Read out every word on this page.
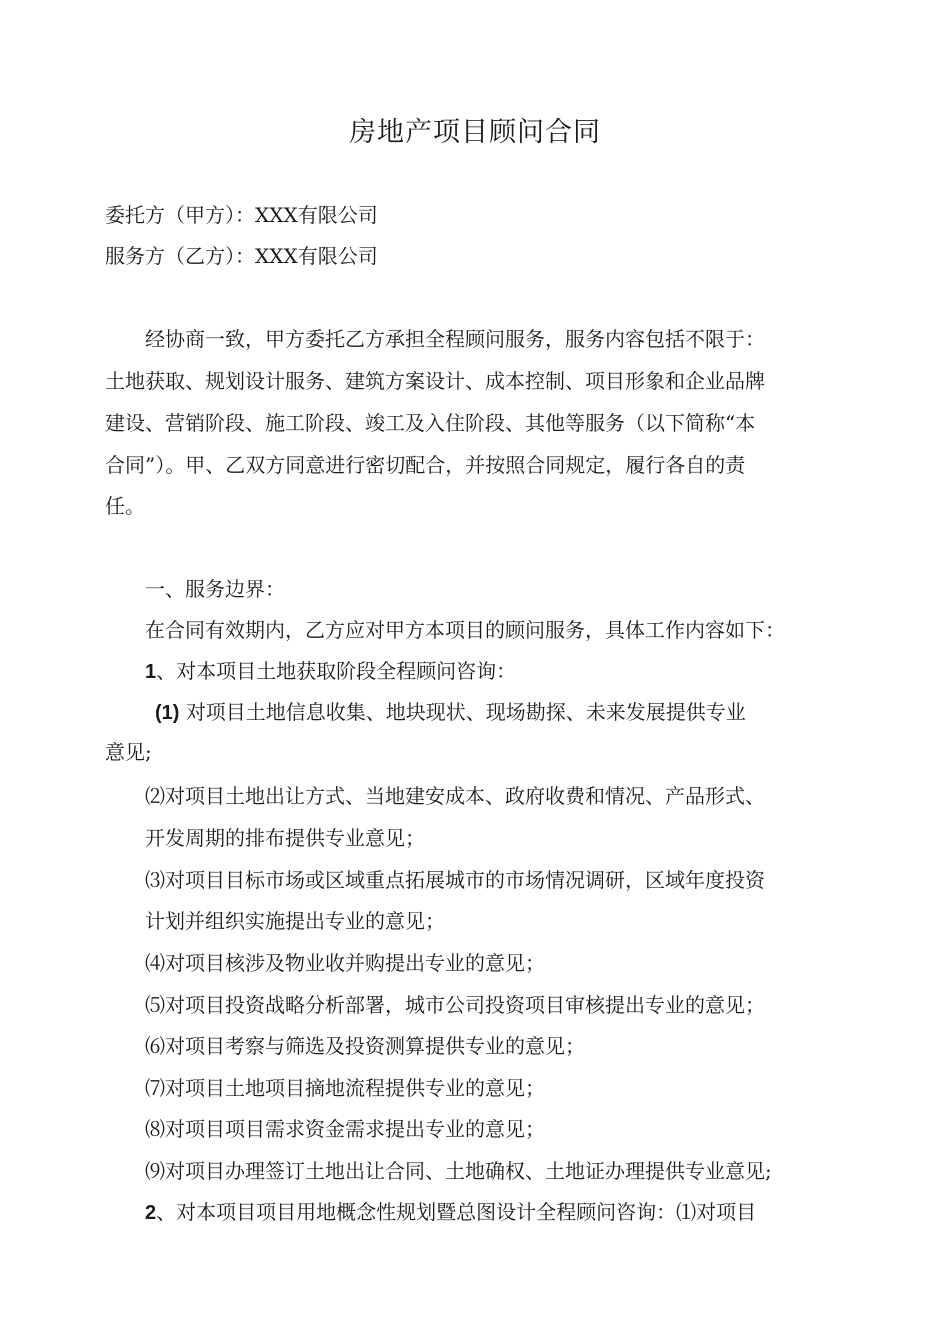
房地产项目顾问合同
委托方（甲方）：XXX有限公司
服务方（乙方）：XXX有限公司
经协商一致，甲方委托乙方承担全程顾问服务，服务内容包括不限于：
土地获取、规划设计服务、建筑方案设计、成本控制、项目形象和企业品牌
建设、营销阶段、施工阶段、竣工及入住阶段、其他等服务（以下简称“本
合同”）。甲、乙双方同意进行密切配合，并按照合同规定，履行各自的责
任。
一、服务边界：
在合同有效期内，乙方应对甲方本项目的顾问服务，具体工作内容如下：
1、对本项目土地获取阶段全程顾问咨询：
(1) 对项目土地信息收集、地块现状、现场勘探、未来发展提供专业
意见;
⑵对项目土地出让方式、当地建安成本、政府收费和情况、产品形式、
开发周期的排布提供专业意见；
⑶对项目目标市场或区域重点拓展城市的市场情况调研，区域年度投资
计划并组织实施提出专业的意见；
⑷对项目核涉及物业收并购提出专业的意见；
⑸对项目投资战略分析部署，城市公司投资项目审核提出专业的意见；
⑹对项目考察与筛选及投资测算提供专业的意见；
⑺对项目土地项目摘地流程提供专业的意见；
⑻对项目项目需求资金需求提出专业的意见；
⑼对项目办理签订土地出让合同、土地确权、土地证办理提供专业意见;
2、对本项目项目用地概念性规划暨总图设计全程顾问咨询：⑴对项目
